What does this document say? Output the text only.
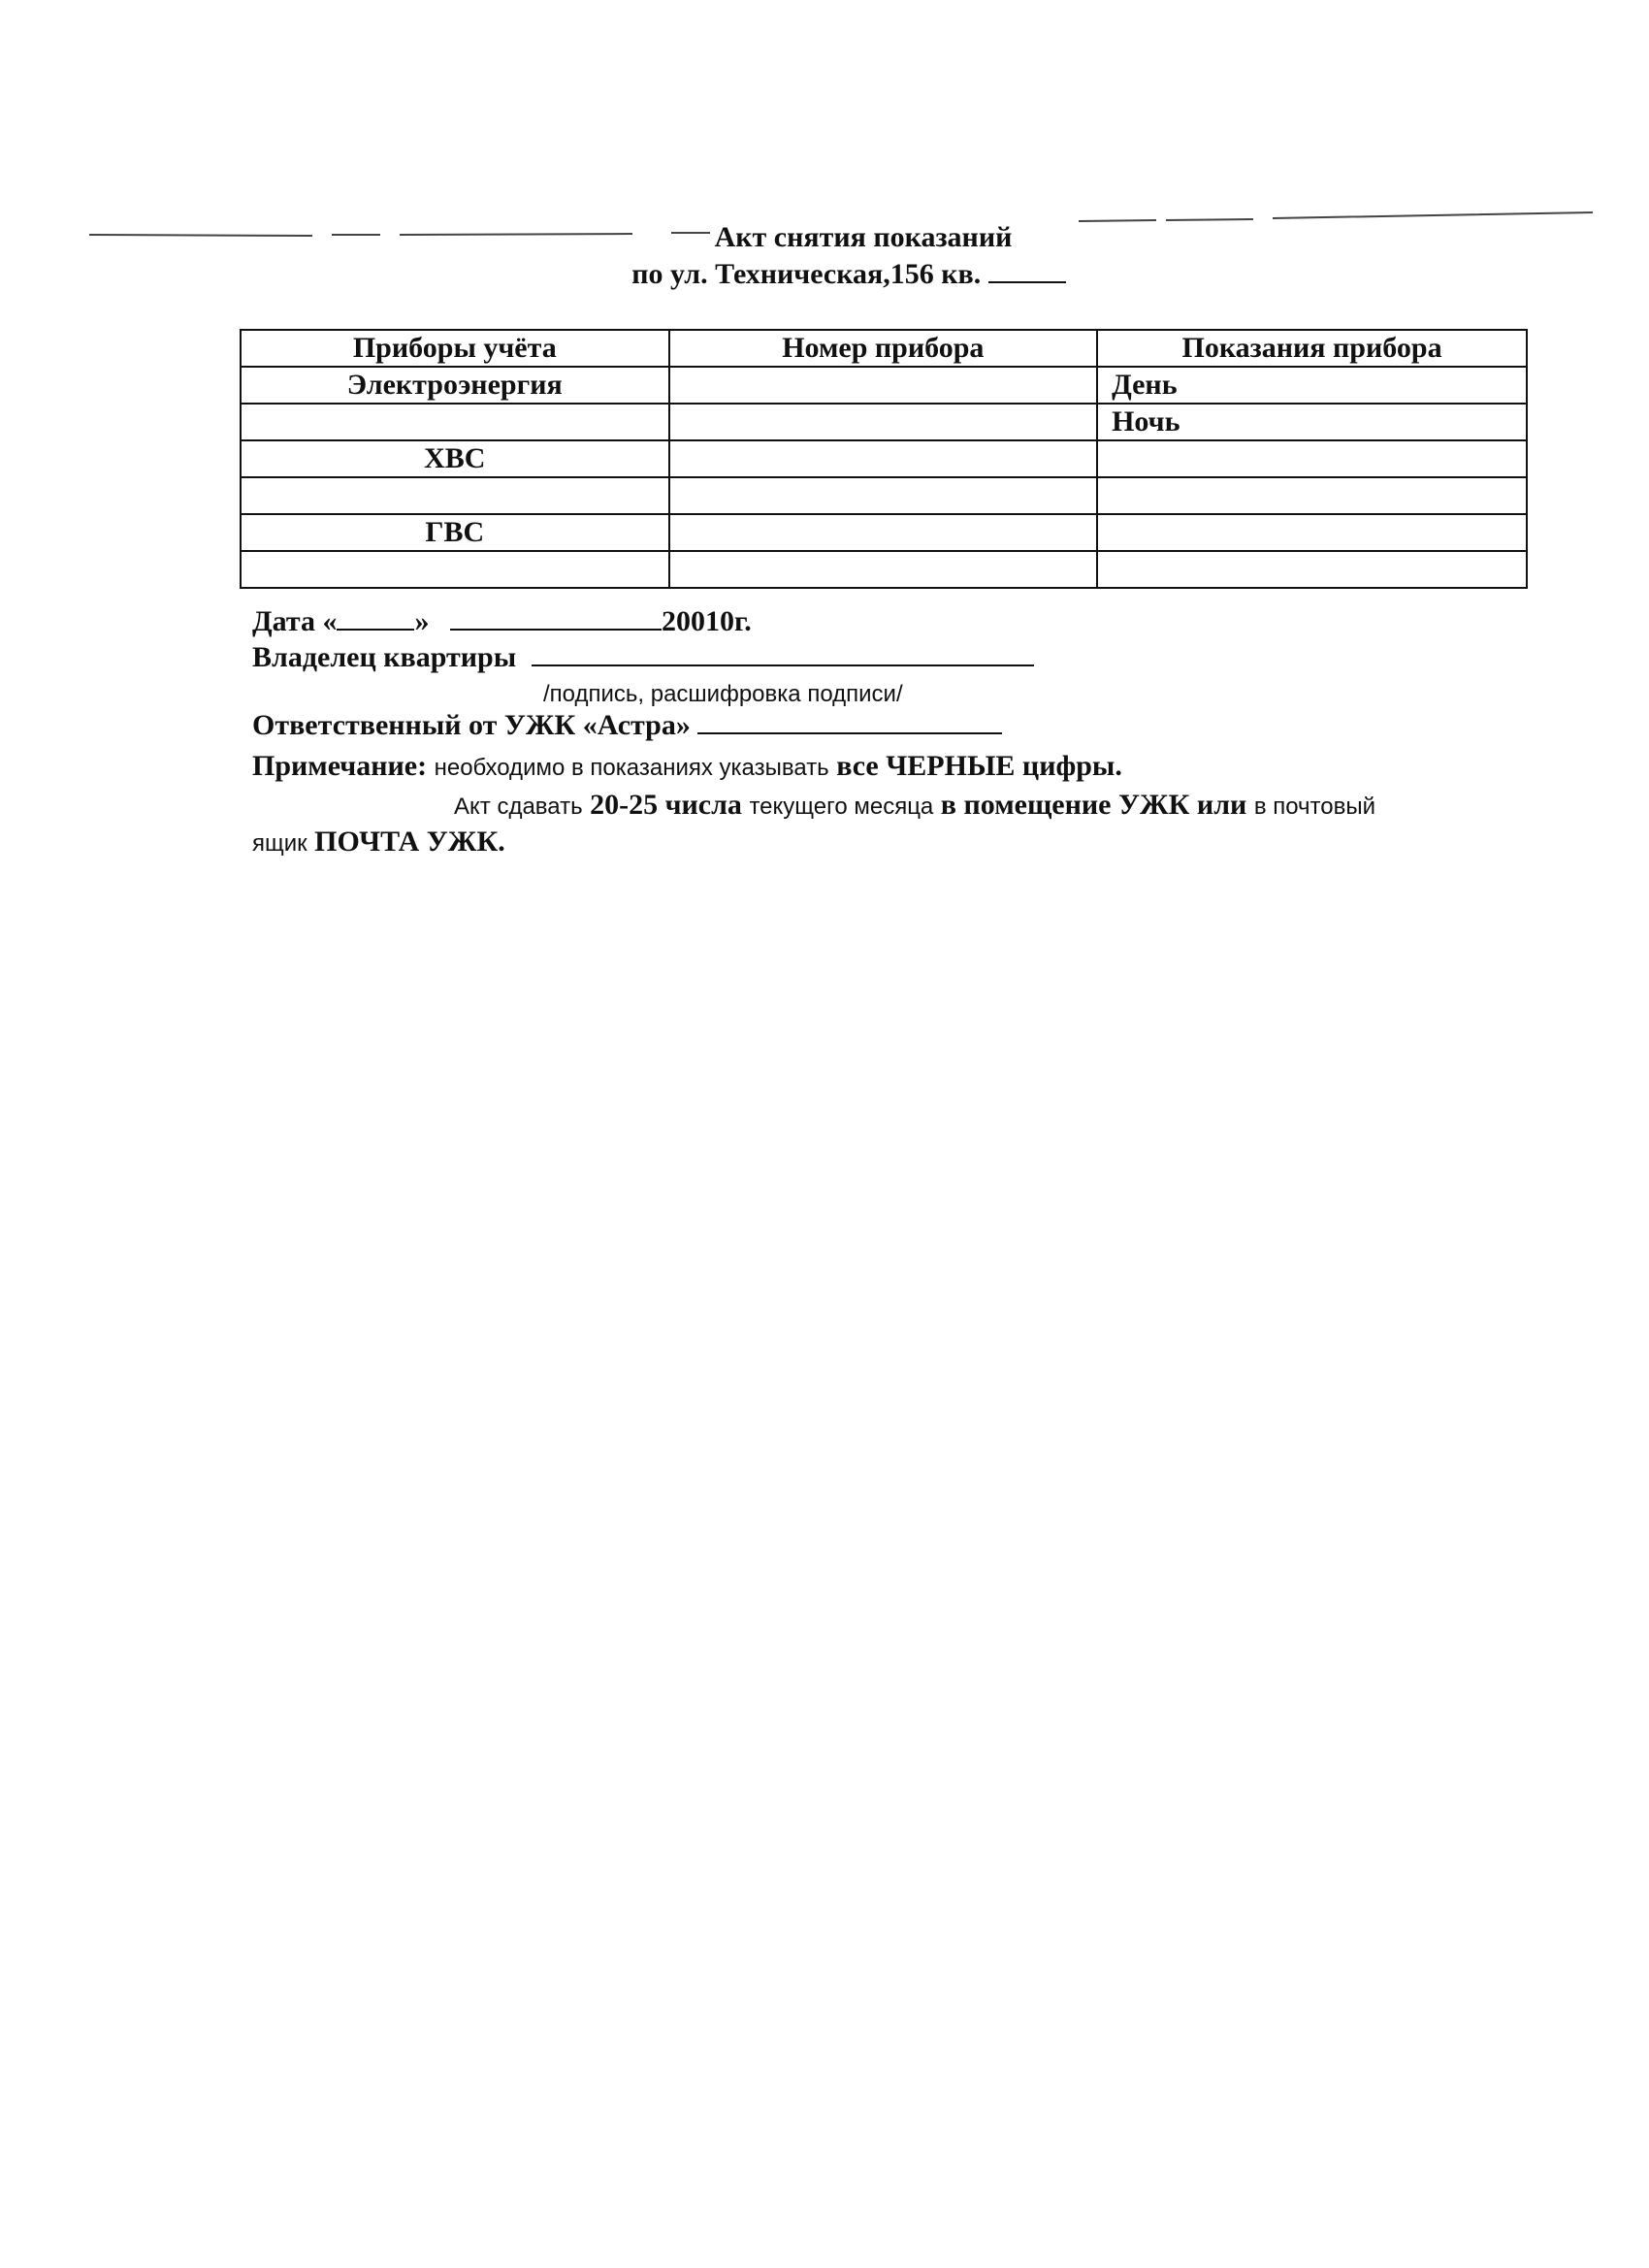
Акт снятия показаний
по ул. Техническая,156 кв.
Приборы учёта	Номер прибора	Показания прибора
Электроэнергия		День
		Ночь
ХВС		

ГВС		

Дата «	»	20010г.
Владелец квартиры
/подпись, расшифровка подписи/
Ответственный от УЖК «Астра»
Примечание: необходимо в показаниях указывать все ЧЕРНЫЕ цифры.
Акт сдавать 20-25 числа текущего месяца в помещение УЖК или в почтовый
ящик ПОЧТА УЖК.
